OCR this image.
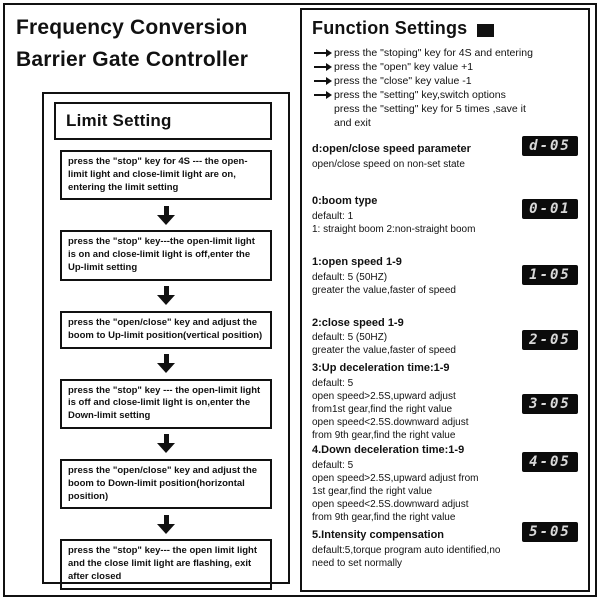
Frequency Conversion
Barrier Gate Controller
Limit Setting
press the "stop" key for 4S --- the open-limit light and close-limit light are on, entering the limit setting
press the "stop" key---the open-limit light is on and close-limit light is off,enter the Up-limit setting
press the "open/close" key and adjust the boom to Up-limit position(vertical position)
press the "stop" key --- the open-limit light is off and close-limit light is on,enter the Down-limit setting
press the "open/close" key and adjust the boom to Down-limit position(horizontal position)
press the "stop" key--- the open limit light and the close limit light are flashing, exit after closed
Function Settings
press the "stoping" key for 4S and entering
press the "open" key value +1
press the "close" key value -1
press the "setting" key,switch options
press the "setting" key for 5 times ,save it
and exit
d:open/close speed parameter
open/close speed on non-set state
0:boom type
default: 1
1: straight boom 2:non-straight boom
1:open speed 1-9
default: 5 (50HZ)
greater the value,faster of speed
2:close speed 1-9
default: 5 (50HZ)
greater the value,faster of speed
3:Up deceleration time:1-9
default: 5
open speed>2.5S,upward adjust
from1st gear,find the right value
open speed<2.5S.downward adjust
from 9th gear,find the right value
4.Down deceleration time:1-9
default: 5
open speed>2.5S,upward adjust from
1st gear,find the right value
open speed<2.5S.downward adjust
from 9th gear,find the right value
5.Intensity compensation
default:5,torque program auto identified,no
need to set normally
d-05
0-01
1-05
2-05
3-05
4-05
5-05
